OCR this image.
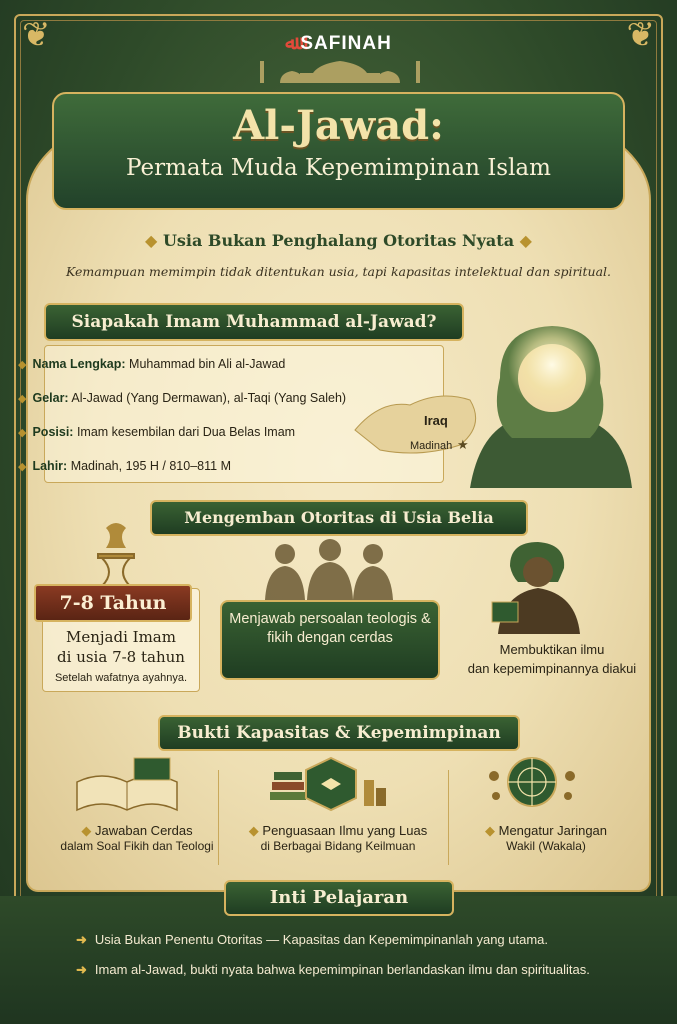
❦	❦
ﷲ SAFINAH
Al-Jawad:
Permata Muda Kepemimpinan Islam
◆ Usia Bukan Penghalang Otoritas Nyata ◆
Kemampuan memimpin tidak ditentukan usia, tapi kapasitas intelektual dan spiritual.
Siapakah Imam Muhammad al-Jawad?
◆ Nama Lengkap: Muhammad bin Ali al-Jawad
◆ Gelar: Al-Jawad (Yang Dermawan), al-Taqi (Yang Saleh)
◆ Posisi: Imam kesembilan dari Dua Belas Imam
◆ Lahir: Madinah, 195 H / 810–811 M
Iraq
Madinah ★
Mengemban Otoritas di Usia Belia
7-8 Tahun
Menjadi Imam
di usia 7-8 tahun
Setelah wafatnya ayahnya.
Menjawab persoalan teologis & fikih dengan cerdas
Membuktikan ilmu
dan kepemimpinannya diakui
Bukti Kapasitas & Kepemimpinan
◆ Jawaban Cerdas
dalam Soal Fikih dan Teologi
◆ Penguasaan Ilmu yang Luas
di Berbagai Bidang Keilmuan
◆ Mengatur Jaringan
Wakil (Wakala)
Inti Pelajaran
➜ Usia Bukan Penentu Otoritas — Kapasitas dan Kepemimpinanlah yang utama.
➜ Imam al-Jawad, bukti nyata bahwa kepemimpinan berlandaskan ilmu dan spiritualitas.
